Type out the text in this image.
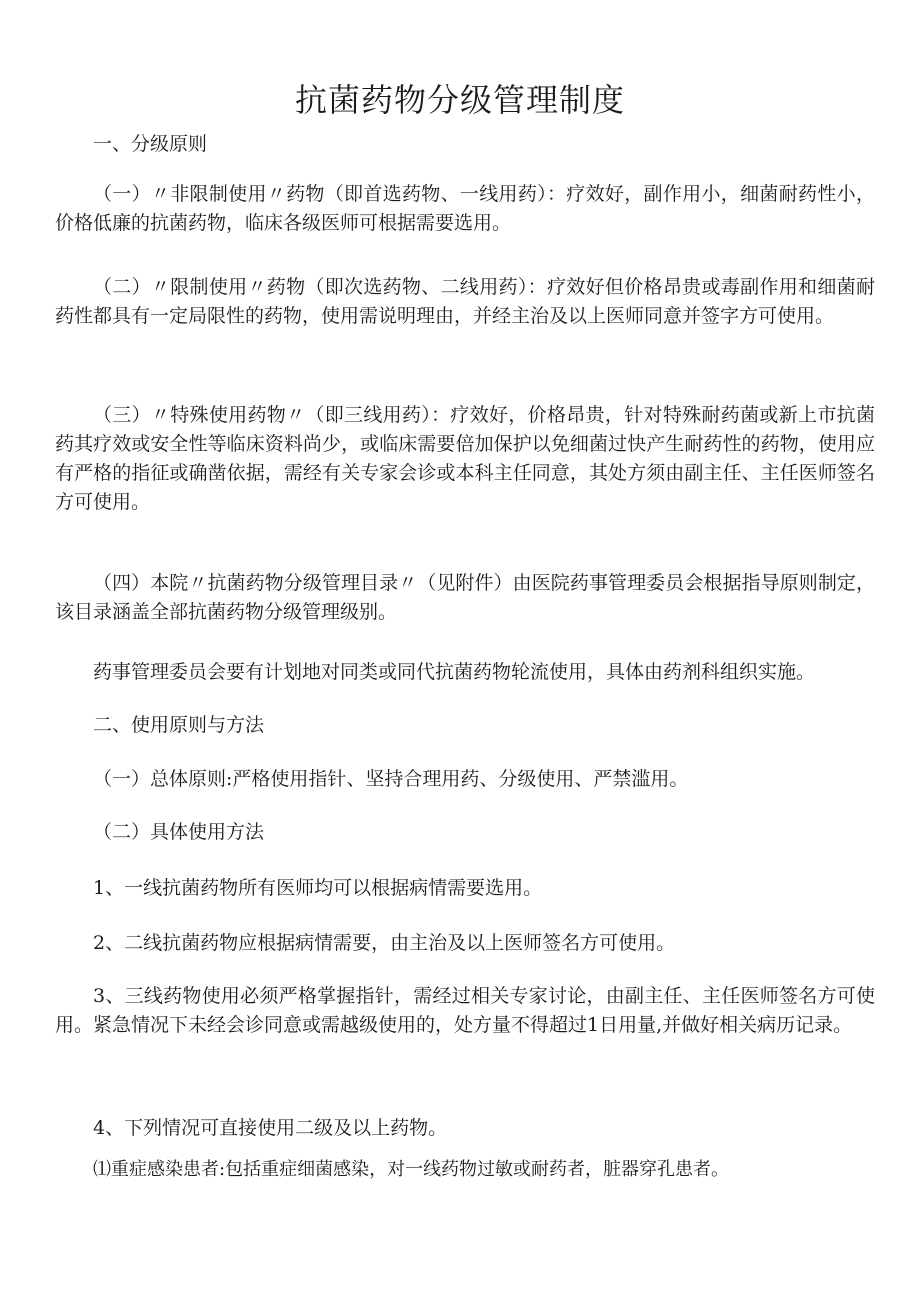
抗菌药物分级管理制度
一、分级原则
（一）〃非限制使用〃药物（即首选药物、一线用药）：疗效好，副作用小，细菌耐药性小，价格低廉的抗菌药物，临床各级医师可根据需要选用。
（二）〃限制使用〃药物（即次选药物、二线用药）：疗效好但价格昂贵或毒副作用和细菌耐药性都具有一定局限性的药物，使用需说明理由，并经主治及以上医师同意并签字方可使用。
（三）〃特殊使用药物〃（即三线用药）：疗效好，价格昂贵，针对特殊耐药菌或新上市抗菌药其疗效或安全性等临床资料尚少，或临床需要倍加保护以免细菌过快产生耐药性的药物，使用应有严格的指征或确凿依据，需经有关专家会诊或本科主任同意，其处方须由副主任、主任医师签名方可使用。
（四）本院〃抗菌药物分级管理目录〃（见附件）由医院药事管理委员会根据指导原则制定，该目录涵盖全部抗菌药物分级管理级别。
药事管理委员会要有计划地对同类或同代抗菌药物轮流使用，具体由药剂科组织实施。
二、使用原则与方法
（一）总体原则:严格使用指针、坚持合理用药、分级使用、严禁滥用。
（二）具体使用方法
1、一线抗菌药物所有医师均可以根据病情需要选用。
2、二线抗菌药物应根据病情需要，由主治及以上医师签名方可使用。
3、三线药物使用必须严格掌握指针，需经过相关专家讨论，由副主任、主任医师签名方可使用。紧急情况下未经会诊同意或需越级使用的，处方量不得超过1日用量,并做好相关病历记录。
4、下列情况可直接使用二级及以上药物。
⑴重症感染患者:包括重症细菌感染，对一线药物过敏或耐药者，脏器穿孔患者。
